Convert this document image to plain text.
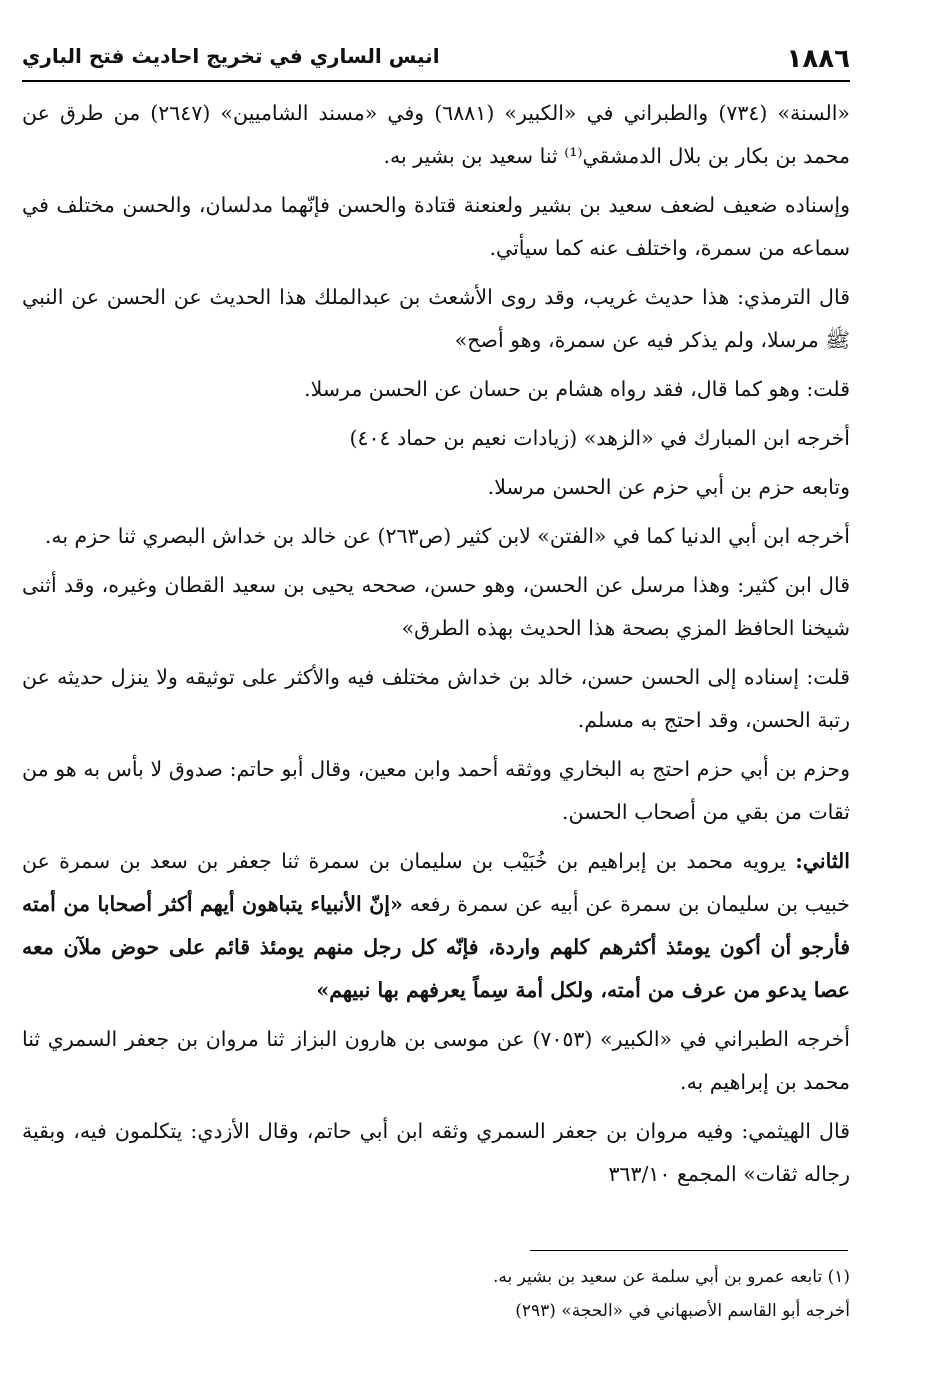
١٨٨٦
انيس الساري في تخريج احاديث فتح الباري
«السنة» (٧٣٤) والطبراني في «الكبير» (٦٨٨١) وفي «مسند الشاميين» (٢٦٤٧) من طرق عن محمد بن بكار بن بلال الدمشقي⁽¹⁾ ثنا سعيد بن بشير به.
وإسناده ضعيف لضعف سعيد بن بشير ولعنعنة قتادة والحسن فإنّهما مدلسان، والحسن مختلف في سماعه من سمرة، واختلف عنه كما سيأتي.
قال الترمذي: هذا حديث غريب، وقد روى الأشعث بن عبدالملك هذا الحديث عن الحسن عن النبي ﷺ مرسلا، ولم يذكر فيه عن سمرة، وهو أصح»
قلت: وهو كما قال، فقد رواه هشام بن حسان عن الحسن مرسلا.
أخرجه ابن المبارك في «الزهد» (زيادات نعيم بن حماد ٤٠٤)
وتابعه حزم بن أبي حزم عن الحسن مرسلا.
أخرجه ابن أبي الدنيا كما في «الفتن» لابن كثير (ص٢٦٣) عن خالد بن خداش البصري ثنا حزم به.
قال ابن كثير: وهذا مرسل عن الحسن، وهو حسن، صححه يحيى بن سعيد القطان وغيره، وقد أثنى شيخنا الحافظ المزي بصحة هذا الحديث بهذه الطرق»
قلت: إسناده إلى الحسن حسن، خالد بن خداش مختلف فيه والأكثر على توثيقه ولا ينزل حديثه عن رتبة الحسن، وقد احتج به مسلم.
وحزم بن أبي حزم احتج به البخاري ووثقه أحمد وابن معين، وقال أبو حاتم: صدوق لا بأس به هو من ثقات من بقي من أصحاب الحسن.
الثاني: يرويه محمد بن إبراهيم بن خُبَيْب بن سليمان بن سمرة ثنا جعفر بن سعد بن سمرة عن خبيب بن سليمان بن سمرة عن أبيه عن سمرة رفعه «إنّ الأنبياء يتباهون أيهم أكثر أصحابا من أمته فأرجو أن أكون يومئذ أكثرهم كلهم واردة، فإنّه كل رجل منهم يومئذ قائم على حوض ملآن معه عصا يدعو من عرف من أمته، ولكل أمة سِماً يعرفهم بها نبيهم»
أخرجه الطبراني في «الكبير» (٧٠٥٣) عن موسى بن هارون البزاز ثنا مروان بن جعفر السمري ثنا محمد بن إبراهيم به.
قال الهيثمي: وفيه مروان بن جعفر السمري وثقه ابن أبي حاتم، وقال الأزدي: يتكلمون فيه، وبقية رجاله ثقات» المجمع ٣٦٣/١٠

(١) تابعه عمرو بن أبي سلمة عن سعيد بن بشير به.

أخرجه أبو القاسم الأصبهاني في «الحجة» (٢٩٣)
